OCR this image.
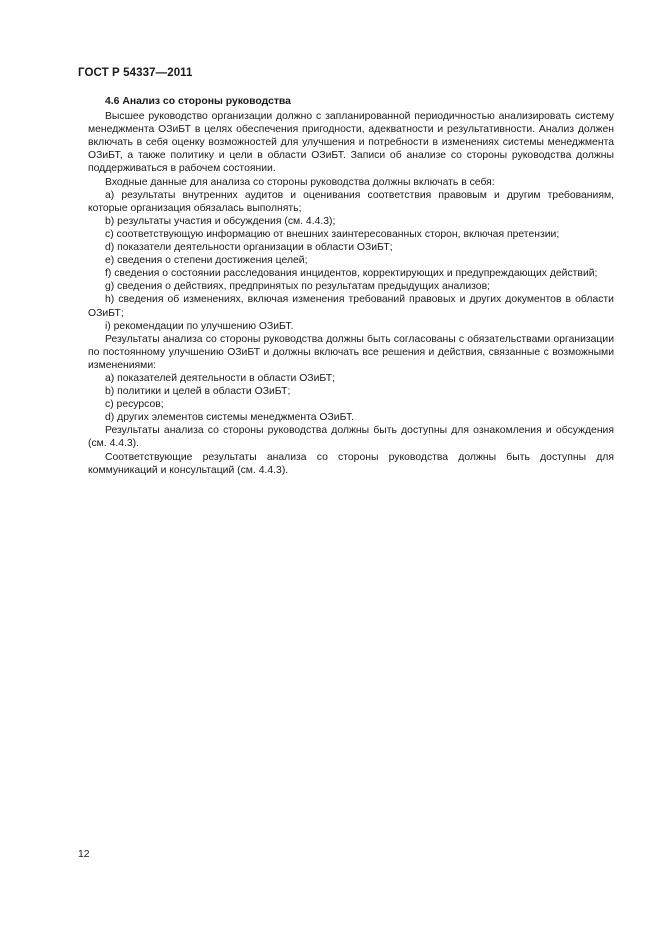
ГОСТ Р 54337—2011
4.6 Анализ со стороны руководства

Высшее руководство организации должно с запланированной периодичностью анализировать систему менеджмента ОЗиБТ в целях обеспечения пригодности, адекватности и результативности. Анализ должен включать в себя оценку возможностей для улучшения и потребности в изменениях системы менеджмента ОЗиБТ, а также политику и цели в области ОЗиБТ. Записи об анализе со стороны руководства должны поддерживаться в рабочем состоянии.

Входные данные для анализа со стороны руководства должны включать в себя:

a) результаты внутренних аудитов и оценивания соответствия правовым и другим требованиям, которые организация обязалась выполнять;

b) результаты участия и обсуждения (см. 4.4.3);

c) соответствующую информацию от внешних заинтересованных сторон, включая претензии;

d) показатели деятельности организации в области ОЗиБТ;

e) сведения о степени достижения целей;

f) сведения о состоянии расследования инцидентов, корректирующих и предупреждающих действий;

g) сведения о действиях, предпринятых по результатам предыдущих анализов;

h) сведения об изменениях, включая изменения требований правовых и других документов в области ОЗиБТ;

i) рекомендации по улучшению ОЗиБТ.

Результаты анализа со стороны руководства должны быть согласованы с обязательствами организации по постоянному улучшению ОЗиБТ и должны включать все решения и действия, связанные с возможными изменениями:

a) показателей деятельности в области ОЗиБТ;

b) политики и целей в области ОЗиБТ;

c) ресурсов;

d) других элементов системы менеджмента ОЗиБТ.

Результаты анализа со стороны руководства должны быть доступны для ознакомления и обсуждения (см. 4.4.3).

Соответствующие результаты анализа со стороны руководства должны быть доступны для коммуникаций и консультаций (см. 4.4.3).

12
